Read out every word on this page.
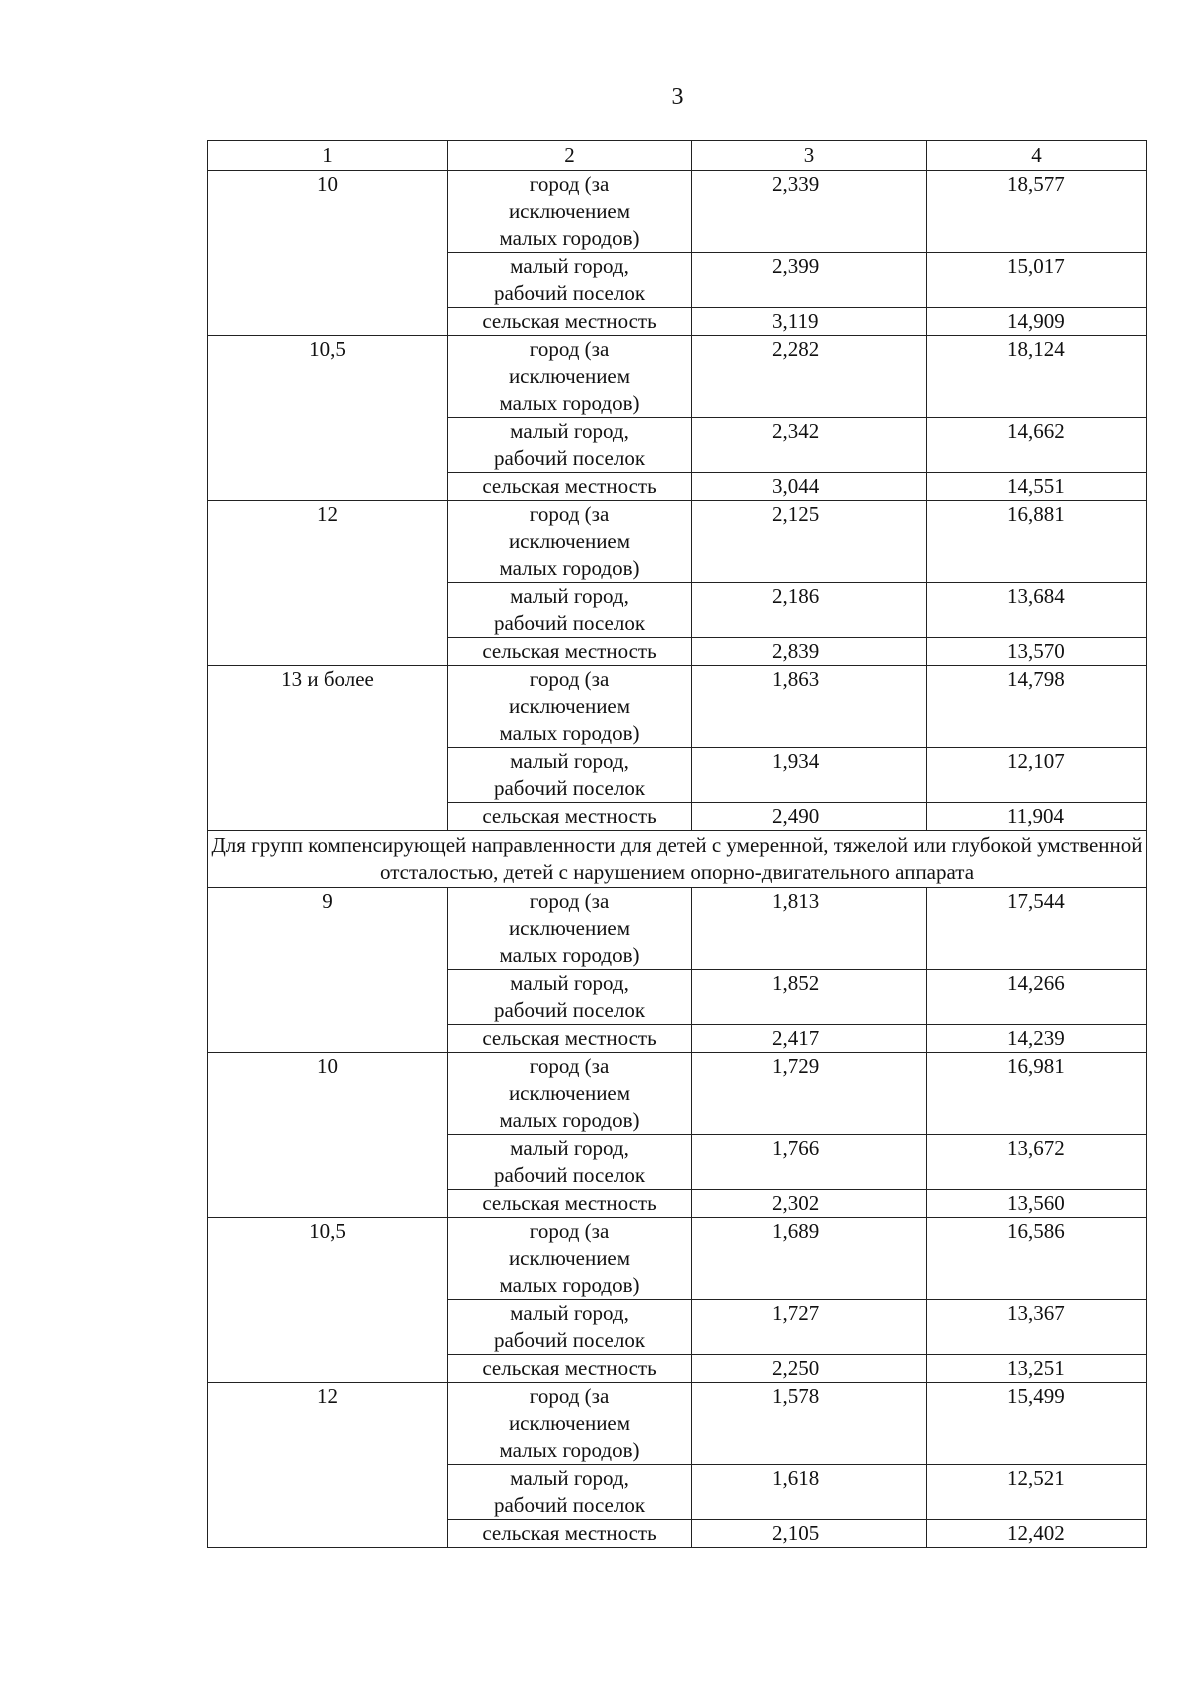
3
1	2	3	4
10	город (за исключением малых городов)	2,339	18,577
	малый город, рабочий поселок	2,399	15,017
	сельская местность	3,119	14,909
10,5	город (за исключением малых городов)	2,282	18,124
	малый город, рабочий поселок	2,342	14,662
	сельская местность	3,044	14,551
12	город (за исключением малых городов)	2,125	16,881
	малый город, рабочий поселок	2,186	13,684
	сельская местность	2,839	13,570
13 и более	город (за исключением малых городов)	1,863	14,798
	малый город, рабочий поселок	1,934	12,107
	сельская местность	2,490	11,904
Для групп компенсирующей направленности для детей с умеренной, тяжелой или глубокой умственной отсталостью, детей с нарушением опорно-двигательного аппарата			
9	город (за исключением малых городов)	1,813	17,544
	малый город, рабочий поселок	1,852	14,266
	сельская местность	2,417	14,239
10	город (за исключением малых городов)	1,729	16,981
	малый город, рабочий поселок	1,766	13,672
	сельская местность	2,302	13,560
10,5	город (за исключением малых городов)	1,689	16,586
	малый город, рабочий поселок	1,727	13,367
	сельская местность	2,250	13,251
12	город (за исключением малых городов)	1,578	15,499
	малый город, рабочий поселок	1,618	12,521
	сельская местность	2,105	12,402
